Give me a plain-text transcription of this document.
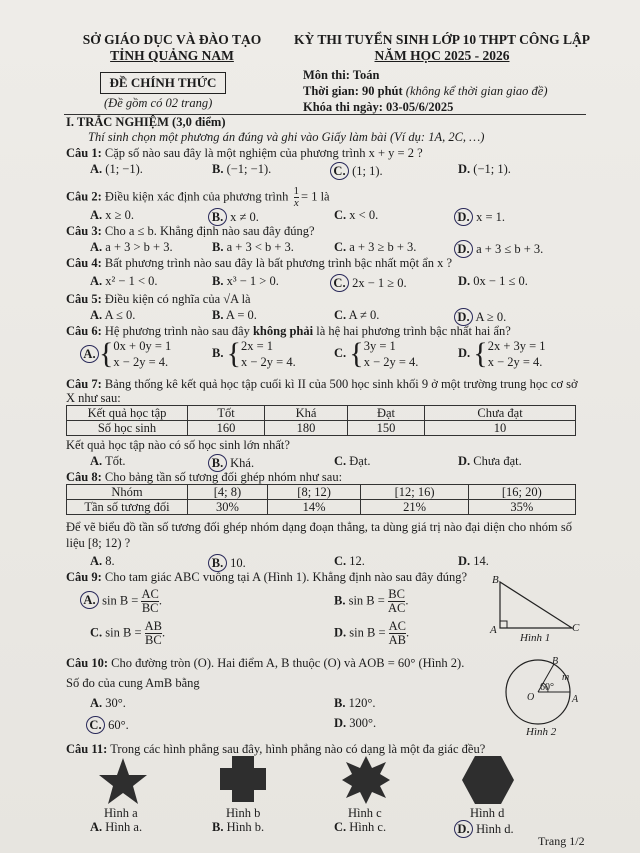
SỞ GIÁO DỤC VÀ ĐÀO TẠO
TỈNH QUẢNG NAM
KỲ THI TUYỂN SINH LỚP 10 THPT CÔNG LẬP
NĂM HỌC 2025 - 2026
ĐỀ CHÍNH THỨC
(Đề gồm có 02 trang)
Môn thi: Toán
Thời gian: 90 phút (không kể thời gian giao đề)
Khóa thi ngày: 03-05/6/2025
I. TRẮC NGHIỆM (3,0 điểm)
Thí sinh chọn một phương án đúng và ghi vào Giấy làm bài (Ví dụ: 1A, 2C, …)
Câu 1: Cặp số nào sau đây là một nghiệm của phương trình x + y = 2 ?
A. (1; −1).	B. (−1; −1).	C. (1; 1).	D. (−1; 1).
Câu 2: Điều kiện xác định của phương trình $\frac{1}{x} = 1$ là
A. x ≥ 0.	B. x ≠ 0.	C. x < 0.	D. x = 1.
Câu 3: Cho a ≤ b. Khẳng định nào sau đây đúng?
A. a + 3 > b + 3.	B. a + 3 < b + 3.	C. a + 3 ≥ b + 3.	D. a + 3 ≤ b + 3.
Câu 4: Bất phương trình nào sau đây là bất phương trình bậc nhất một ẩn x ?
A. x² − 1 < 0.	B. x³ − 1 > 0.	C. 2x − 1 ≥ 0.	D. 0x − 1 ≤ 0.
Câu 5: Điều kiện có nghĩa của √A là
A. A ≤ 0.	B. A = 0.	C. A ≠ 0.	D. A ≥ 0.
Câu 6: Hệ phương trình nào sau đây không phải là hệ hai phương trình bậc nhất hai ẩn?
A. {0x + 0y = 1
x − 2y = 4.
B. {2x = 1
x − 2y = 4.
C. {3y = 1
x − 2y = 4.
D. {2x + 3y = 1
x − 2y = 4.
Câu 7: Bảng thống kê kết quả học tập cuối kì II của 500 học sinh khối 9 ở một trường trung học cơ sở
X như sau:
Kết quả học tập	Tốt	Khá	Đạt	Chưa đạt
Số học sinh	160	180	150	10
Kết quả học tập nào có số học sinh lớn nhất?
A. Tốt.	B. Khá.	C. Đạt.	D. Chưa đạt.
Câu 8: Cho bảng tần số tương đối ghép nhóm như sau:
Nhóm	[4; 8)	[8; 12)	[12; 16)	[16; 20)
Tần số tương đối	30%	14%	21%	35%
Để vẽ biểu đồ tần số tương đối ghép nhóm dạng đoạn thẳng, ta dùng giá trị nào đại diện cho nhóm số
liệu [8; 12) ?
A. 8.	B. 10.	C. 12.	D. 14.
Câu 9: Cho tam giác ABC vuông tại A (Hình 1). Khẳng định nào sau đây đúng?
A. $\sin B = \frac{AC}{BC}$ .	B. $\sin B = \frac{BC}{AC}$ .
C. $\sin B = \frac{AB}{BC}$ .	D. $\sin B = \frac{AC}{AB}$ .
B
A	C
Hình 1
Câu 10: Cho đường tròn (O). Hai điểm A, B thuộc (O) và AOB = 60° (Hình 2).
Số đo của cung AmB bằng
A. 30°.	B. 120°.
C. 60°.	D. 300°.
B
m
60°
O	A
Hình 2
Câu 11: Trong các hình phẳng sau đây, hình phẳng nào có dạng là một đa giác đều?
Hình a	Hình b	Hình c	Hình d
A. Hình a.	B. Hình b.	C. Hình c.	D. Hình d.
Trang 1/2
